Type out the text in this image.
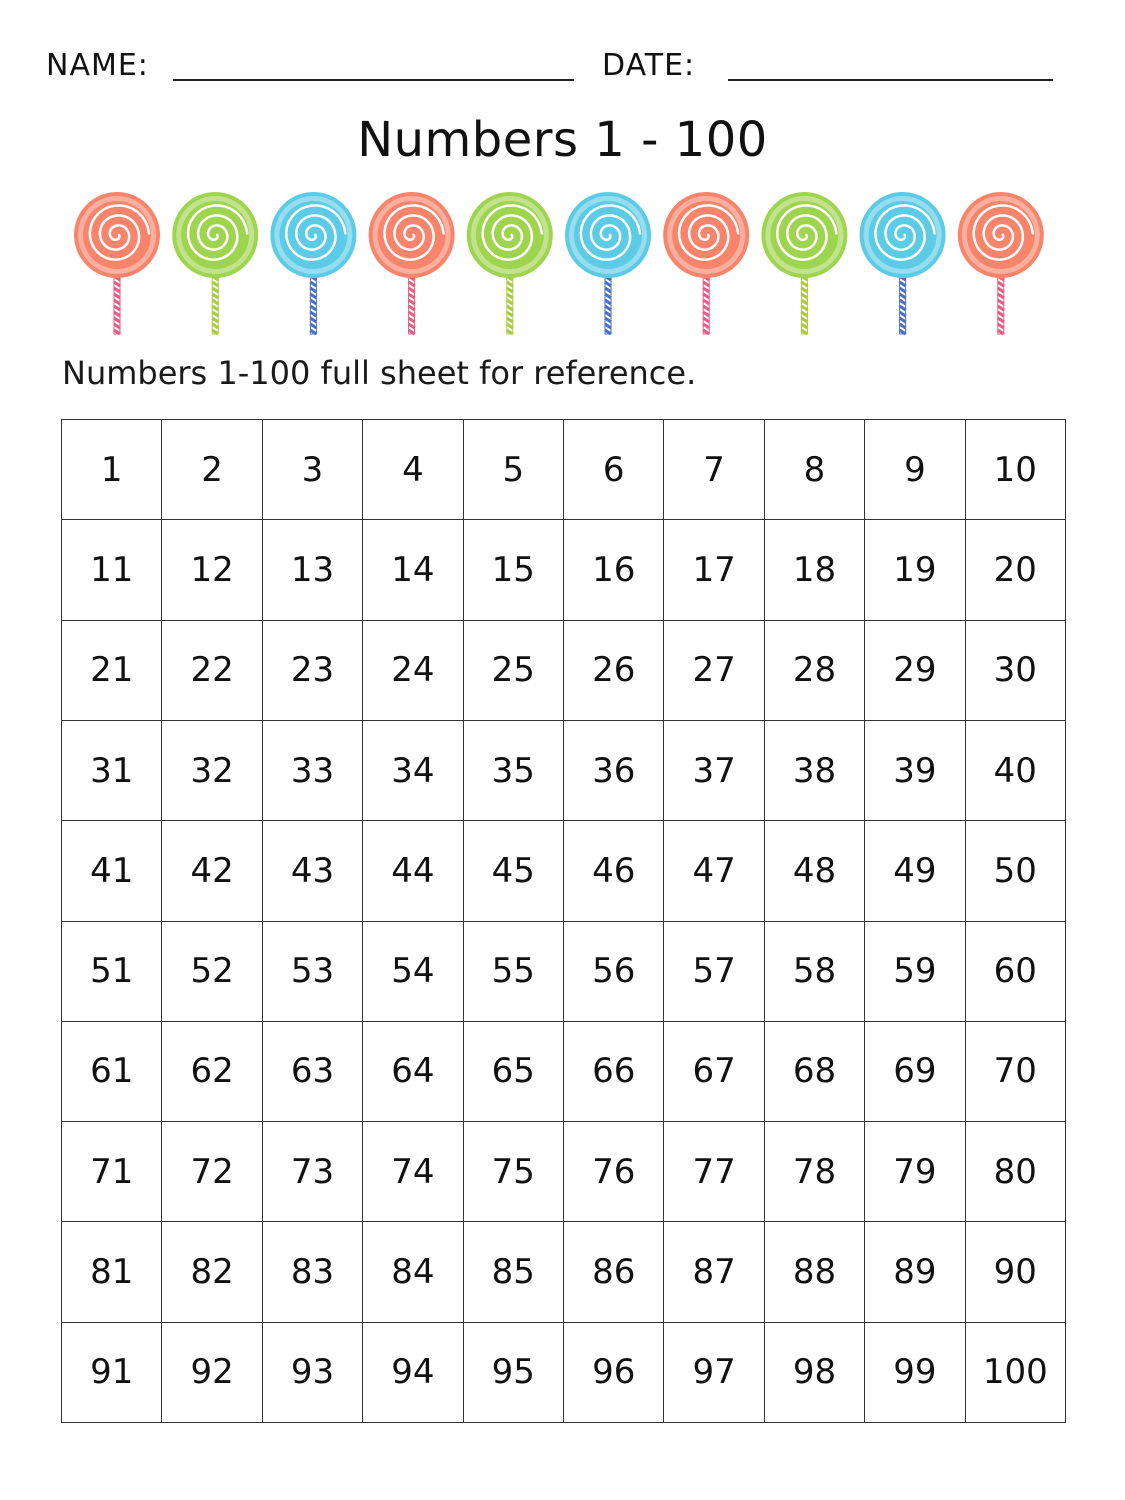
NAME:	DATE:
Numbers 1 - 100
Numbers 1-100 full sheet for reference.
1	2	3	4	5	6	7	8	9	10
11	12	13	14	15	16	17	18	19	20
21	22	23	24	25	26	27	28	29	30
31	32	33	34	35	36	37	38	39	40
41	42	43	44	45	46	47	48	49	50
51	52	53	54	55	56	57	58	59	60
61	62	63	64	65	66	67	68	69	70
71	72	73	74	75	76	77	78	79	80
81	82	83	84	85	86	87	88	89	90
91	92	93	94	95	96	97	98	99	100
